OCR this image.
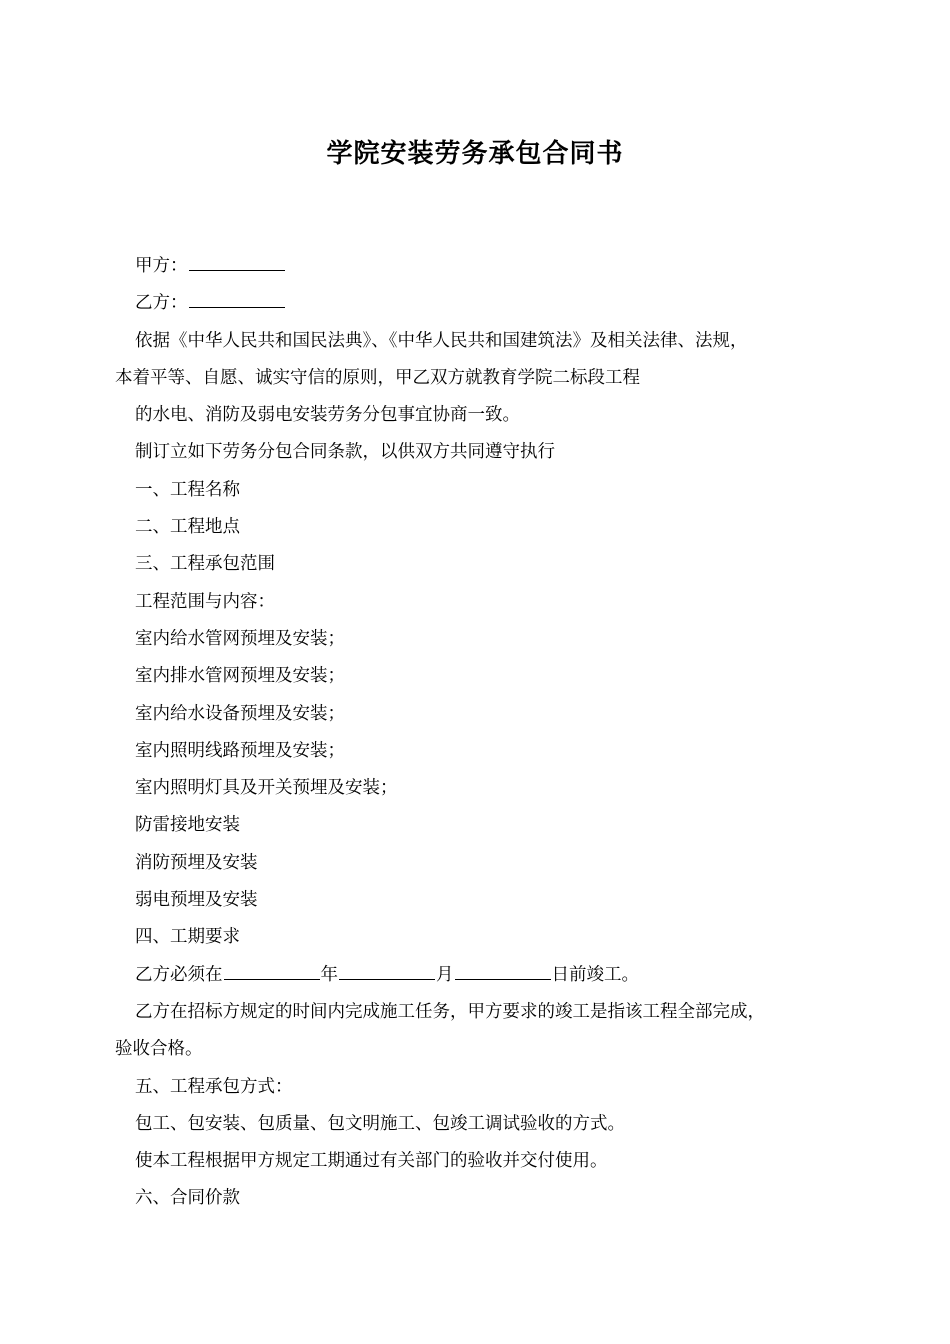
学院安装劳务承包合同书

甲方：

乙方：

依据《中华人民共和国民法典》、《中华人民共和国建筑法》及相关法律、法规，

本着平等、自愿、诚实守信的原则，甲乙双方就教育学院二标段工程

的水电、消防及弱电安装劳务分包事宜协商一致。

制订立如下劳务分包合同条款，以供双方共同遵守执行

一、工程名称

二、工程地点

三、工程承包范围

工程范围与内容：

室内给水管网预埋及安装；

室内排水管网预埋及安装；

室内给水设备预埋及安装；

室内照明线路预埋及安装；

室内照明灯具及开关预埋及安装；

防雷接地安装

消防预埋及安装

弱电预埋及安装

四、工期要求

乙方必须在	年	月	日前竣工。

乙方在招标方规定的时间内完成施工任务，甲方要求的竣工是指该工程全部完成，

验收合格。

五、工程承包方式：

包工、包安装、包质量、包文明施工、包竣工调试验收的方式。

使本工程根据甲方规定工期通过有关部门的验收并交付使用。

六、合同价款
